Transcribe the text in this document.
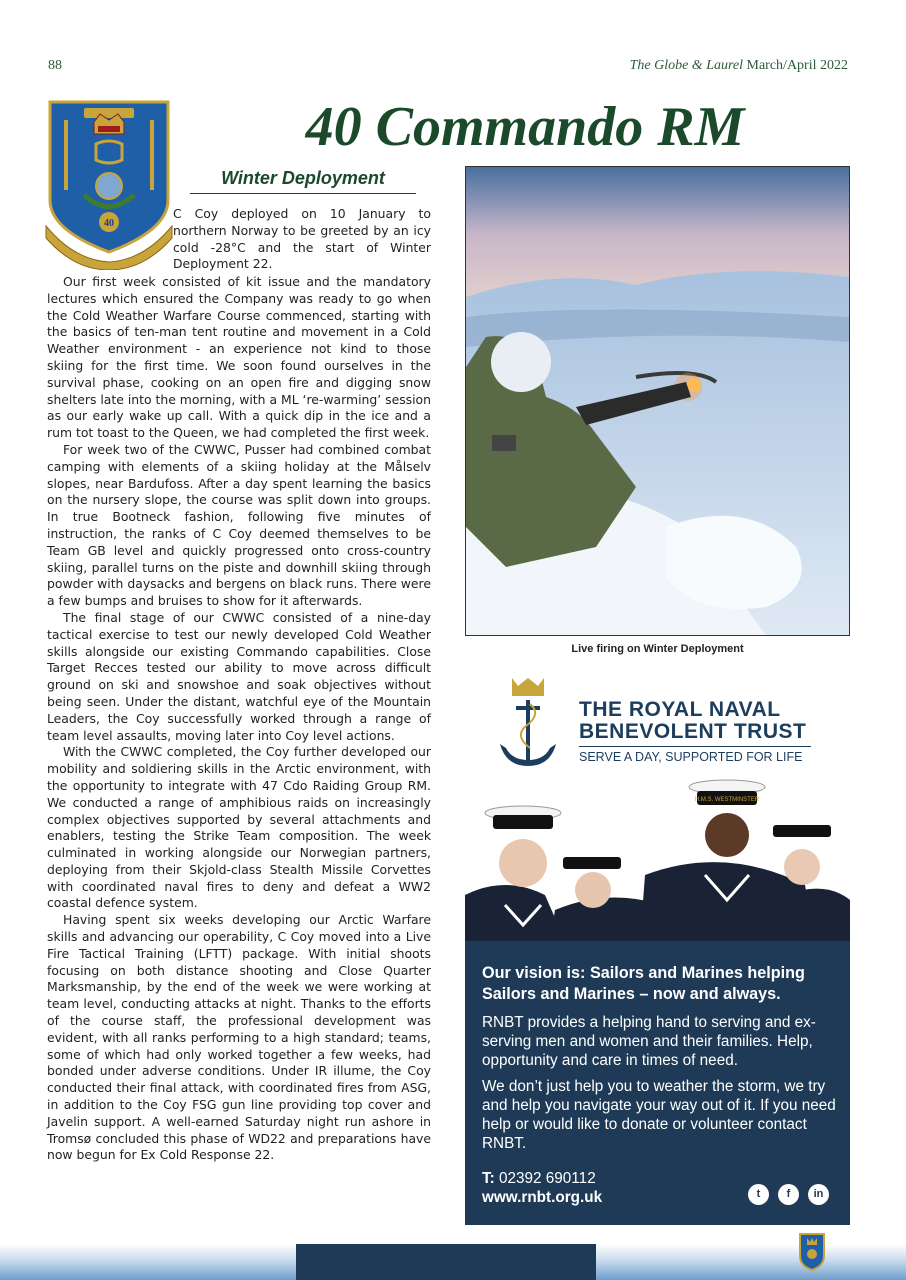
88	The Globe & Laurel March/April 2022
40
40 Commando RM
Winter Deployment

C Coy deployed on 10 January to northern Norway to be greeted by an icy cold -28°C and the start of Winter Deployment 22.

Our first week consisted of kit issue and the mandatory lectures which ensured the Company was ready to go when the Cold Weather Warfare Course commenced, starting with the basics of ten-man tent routine and movement in a Cold Weather environment - an experience not kind to those skiing for the first time. We soon found ourselves in the survival phase, cooking on an open fire and digging snow shelters late into the morning, with a ML ‘re-warming’ session as our early wake up call. With a quick dip in the ice and a rum tot toast to the Queen, we had completed the first week.

For week two of the CWWC, Pusser had combined combat camping with elements of a skiing holiday at the Målselv slopes, near Bardufoss. After a day spent learning the basics on the nursery slope, the course was split down into groups. In true Bootneck fashion, following five minutes of instruction, the ranks of C Coy deemed themselves to be Team GB level and quickly progressed onto cross-country skiing, parallel turns on the piste and downhill skiing through powder with daysacks and bergens on black runs. There were a few bumps and bruises to show for it afterwards.

The final stage of our CWWC consisted of a nine-day tactical exercise to test our newly developed Cold Weather skills alongside our existing Commando capabilities. Close Target Recces tested our ability to move across difficult ground on ski and snowshoe and soak objectives without being seen. Under the distant, watchful eye of the Mountain Leaders, the Coy successfully worked through a range of team level assaults, moving later into Coy level actions.

With the CWWC completed, the Coy further developed our mobility and soldiering skills in the Arctic environment, with the opportunity to integrate with 47 Cdo Raiding Group RM. We conducted a range of amphibious raids on increasingly complex objectives supported by several attachments and enablers, testing the Strike Team composition. The week culminated in working alongside our Norwegian partners, deploying from their Skjold-class Stealth Missile Corvettes with coordinated naval fires to deny and defeat a WW2 coastal defence system.

Having spent six weeks developing our Arctic Warfare skills and advancing our operability, C Coy moved into a Live Fire Tactical Training (LFTT) package. With initial shoots focusing on both distance shooting and Close Quarter Marksmanship, by the end of the week we were working at team level, conducting attacks at night. Thanks to the efforts of the course staff, the professional development was evident, with all ranks performing to a high standard; teams, some of which had only worked together a few weeks, had bonded under adverse conditions. Under IR illume, the Coy conducted their final attack, with coordinated fires from ASG, in addition to the Coy FSG gun line providing top cover and Javelin support. A well-earned Saturday night run ashore in Tromsø concluded this phase of WD22 and preparations have now begun for Ex Cold Response 22.

Live firing on Winter Deployment
THE ROYAL NAVAL
BENEVOLENT TRUST
SERVE A DAY, SUPPORTED FOR LIFE
H.M.S. WESTMINSTER
Our vision is: Sailors and Marines helping Sailors and Marines – now and always.
RNBT provides a helping hand to serving and ex-serving men and women and their families. Help, opportunity and care in times of need.
We don’t just help you to weather the storm, we try and help you navigate your way out of it. If you need help or would like to donate or volunteer contact RNBT.
T: 02392 690112
www.rnbt.org.uk	t	f	in
